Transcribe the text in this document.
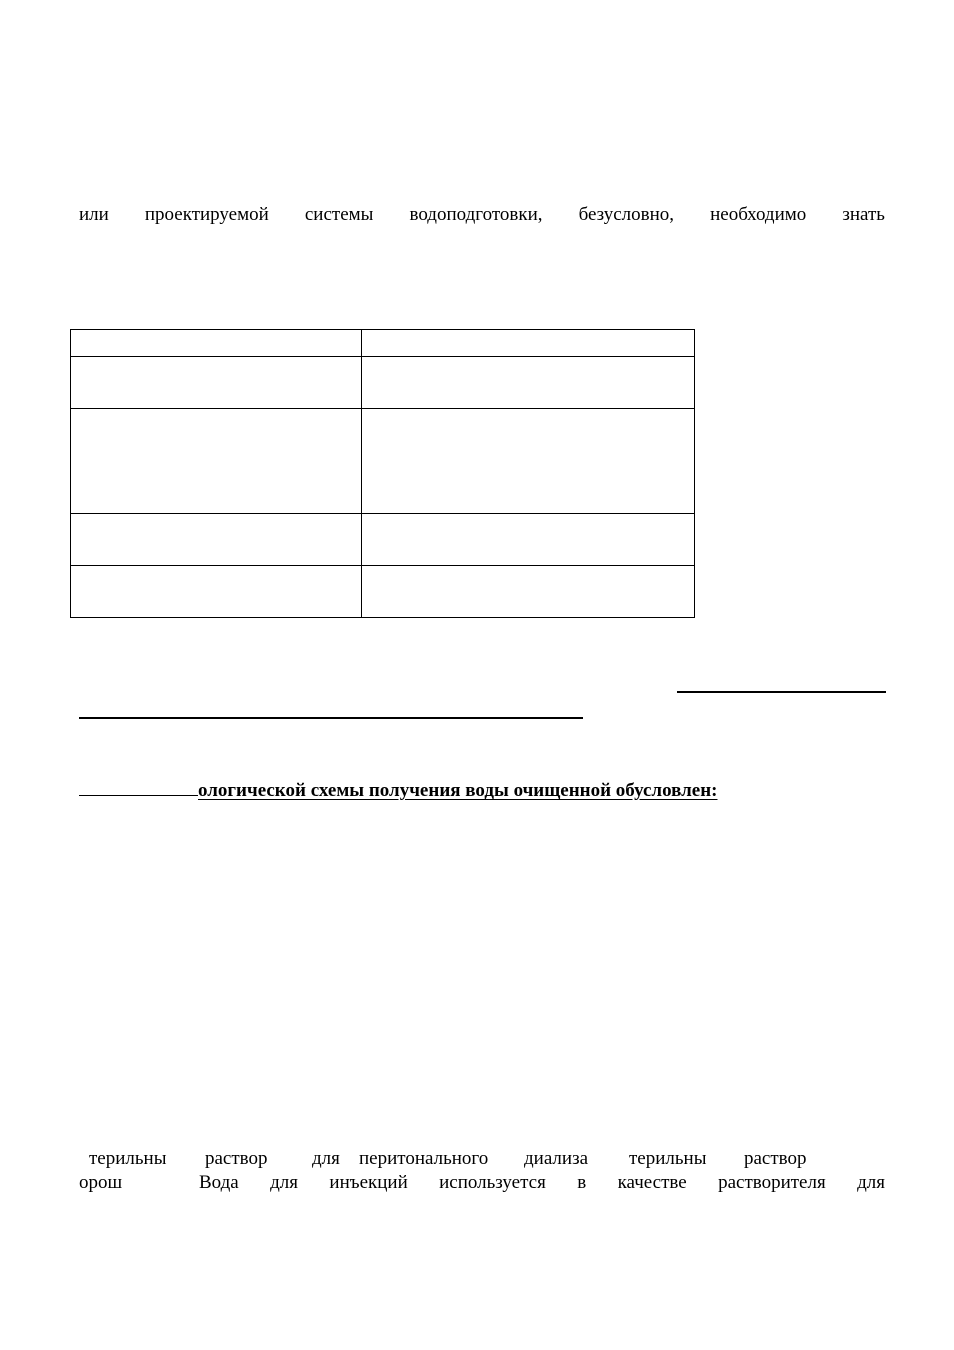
или проектируемой системы водоподготовки, безусловно, необходимо знать

ологической схемы получения воды очищенной обусловлен:
терильны раствор для перитонального диализа терильны раствор
орош	Вода для инъекций используется в качестве растворителя для
